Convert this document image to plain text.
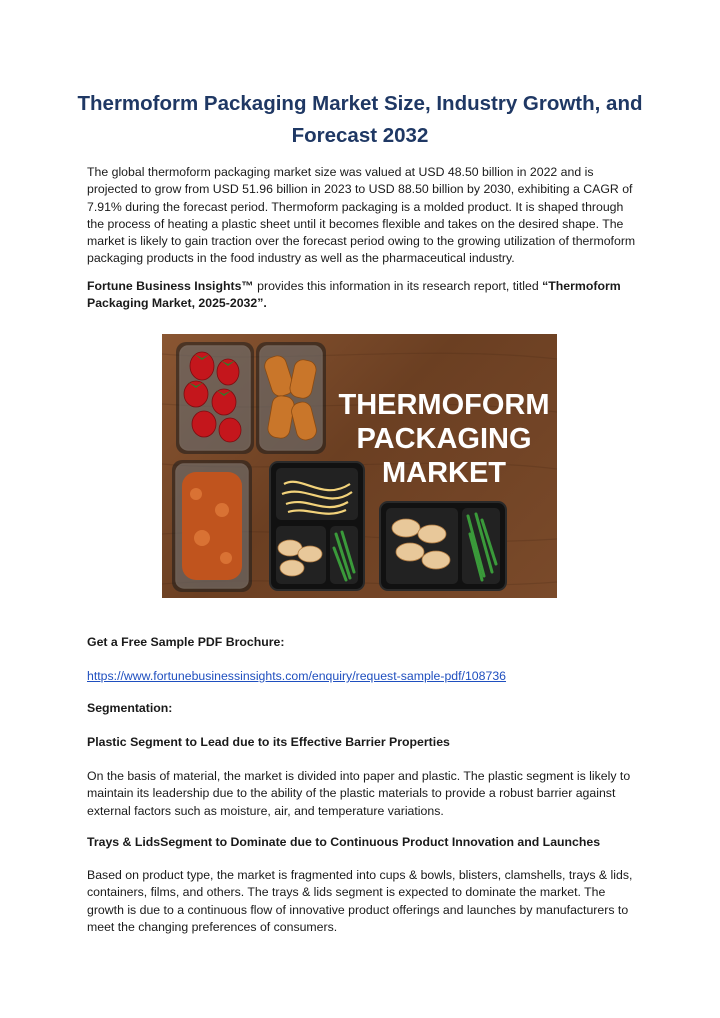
Thermoform Packaging Market Size, Industry Growth, and Forecast 2032

The global thermoform packaging market size was valued at USD 48.50 billion in 2022 and is projected to grow from USD 51.96 billion in 2023 to USD 88.50 billion by 2030, exhibiting a CAGR of 7.91% during the forecast period. Thermoform packaging is a molded product. It is shaped through the process of heating a plastic sheet until it becomes flexible and takes on the desired shape. The market is likely to gain traction over the forecast period owing to the growing utilization of thermoform packaging products in the food industry as well as the pharmaceutical industry.

Fortune Business Insights™ provides this information in its research report, titled “Thermoform Packaging Market, 2025-2032”.

THERMOFORM
PACKAGING
MARKET

Get a Free Sample PDF Brochure:

https://www.fortunebusinessinsights.com/enquiry/request-sample-pdf/108736

Segmentation:

Plastic Segment to Lead due to its Effective Barrier Properties

On the basis of material, the market is divided into paper and plastic. The plastic segment is likely to maintain its leadership due to the ability of the plastic materials to provide a robust barrier against external factors such as moisture, air, and temperature variations.

Trays & LidsSegment to Dominate due to Continuous Product Innovation and Launches

Based on product type, the market is fragmented into cups & bowls, blisters, clamshells, trays & lids, containers, films, and others. The trays & lids segment is expected to dominate the market. The growth is due to a continuous flow of innovative product offerings and launches by manufacturers to meet the changing preferences of consumers.
